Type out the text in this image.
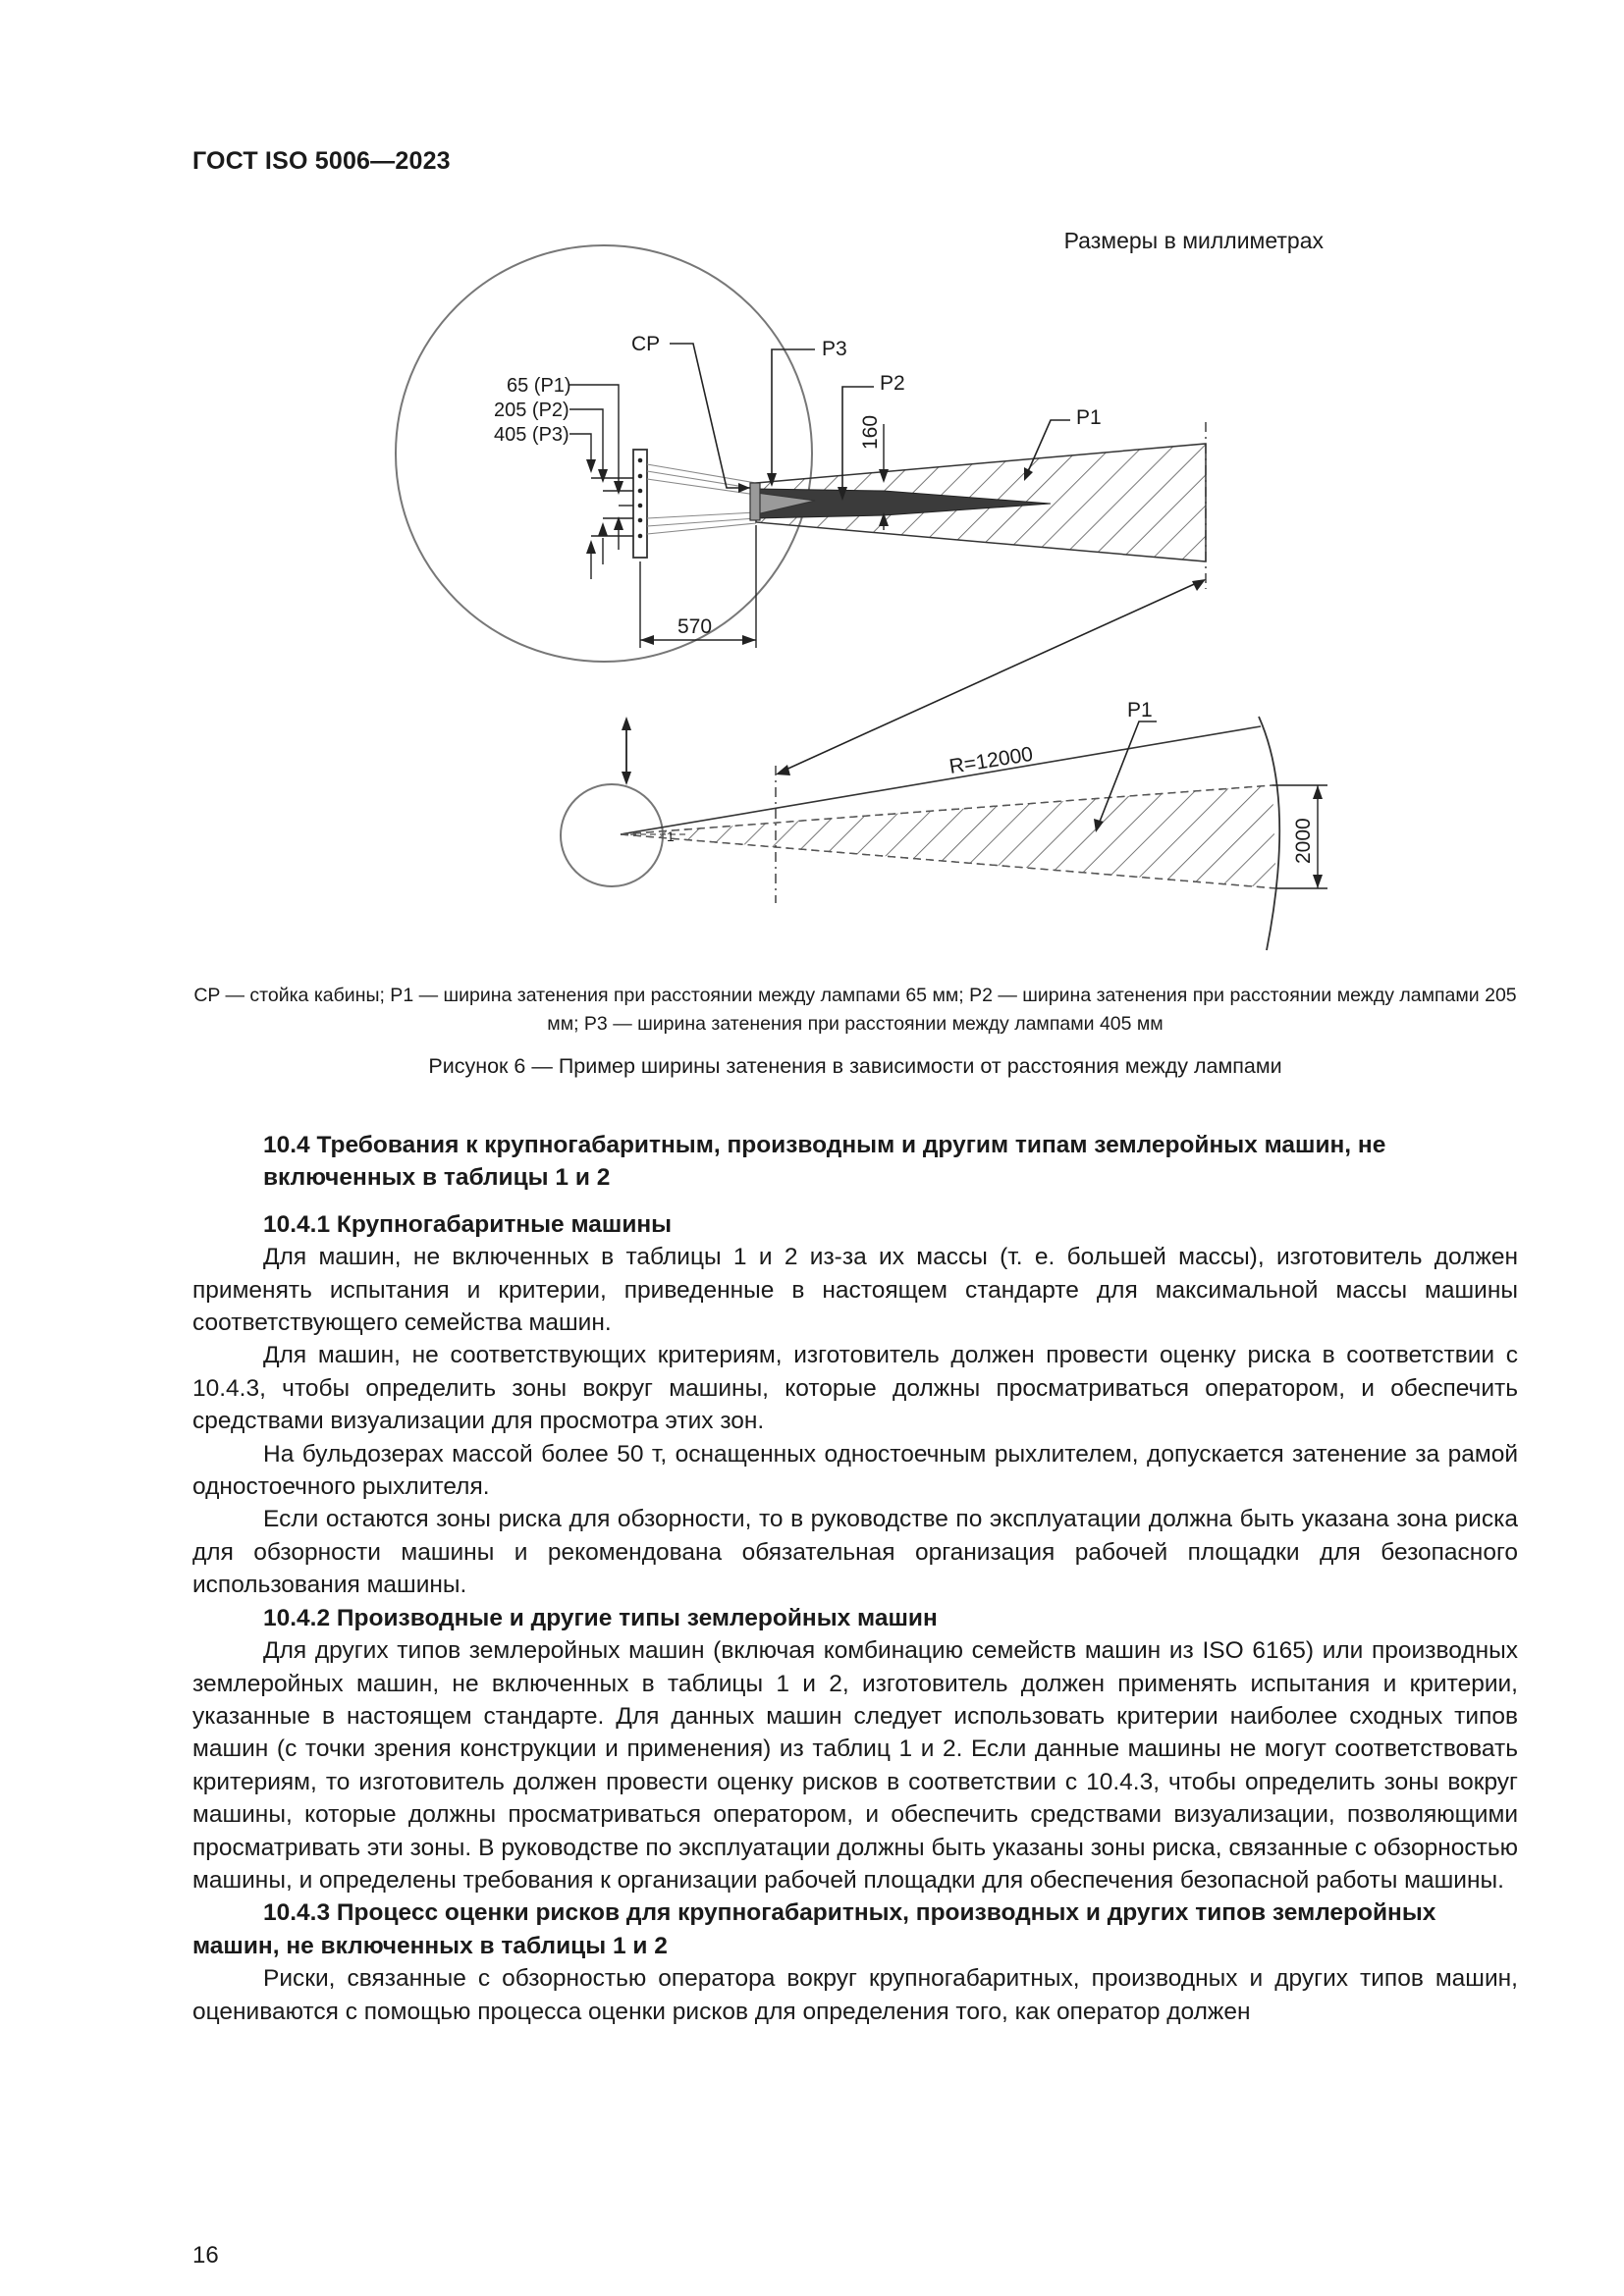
ГОСТ ISO 5006—2023
Размеры в миллиметрах
CP	P3
P2
P1
160
65 (P1)
205 (P2)
405 (P3)
570
1
R=12000
P1
2000
CP — стойка кабины; P1 — ширина затенения при расстоянии между лампами 65 мм; P2 — ширина затенения при расстоянии между лампами 205 мм; P3 — ширина затенения при расстоянии между лампами 405 мм
Рисунок 6 — Пример ширины затенения в зависимости от расстояния между лампами
10.4 Требования к крупногабаритным, производным и другим типам землеройных машин, не включенных в таблицы 1 и 2
10.4.1 Крупногабаритные машины

Для машин, не включенных в таблицы 1 и 2 из-за их массы (т. е. большей массы), изготовитель должен применять испытания и критерии, приведенные в настоящем стандарте для максимальной массы машины соответствующего семейства машин.

Для машин, не соответствующих критериям, изготовитель должен провести оценку риска в соответствии с 10.4.3, чтобы определить зоны вокруг машины, которые должны просматриваться оператором, и обеспечить средствами визуализации для просмотра этих зон.

На бульдозерах массой более 50 т, оснащенных одностоечным рыхлителем, допускается затенение за рамой одностоечного рыхлителя.

Если остаются зоны риска для обзорности, то в руководстве по эксплуатации должна быть указана зона риска для обзорности машины и рекомендована обязательная организация рабочей площадки для безопасного использования машины.

10.4.2 Производные и другие типы землеройных машин

Для других типов землеройных машин (включая комбинацию семейств машин из ISO 6165) или производных землеройных машин, не включенных в таблицы 1 и 2, изготовитель должен применять испытания и критерии, указанные в настоящем стандарте. Для данных машин следует использовать критерии наиболее сходных типов машин (с точки зрения конструкции и применения) из таблиц 1 и 2. Если данные машины не могут соответствовать критериям, то изготовитель должен провести оценку рисков в соответствии с 10.4.3, чтобы определить зоны вокруг машины, которые должны просматриваться оператором, и обеспечить средствами визуализации, позволяющими просматривать эти зоны. В руководстве по эксплуатации должны быть указаны зоны риска, связанные с обзорностью машины, и определены требования к организации рабочей площадки для обеспечения безопасной работы машины.

10.4.3 Процесс оценки рисков для крупногабаритных, производных и других типов землеройных машин, не включенных в таблицы 1 и 2

Риски, связанные с обзорностью оператора вокруг крупногабаритных, производных и других типов машин, оцениваются с помощью процесса оценки рисков для определения того, как оператор должен

16
